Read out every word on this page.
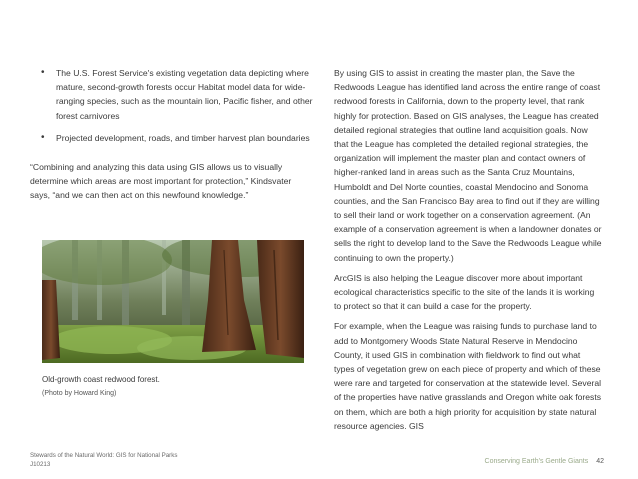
• The U.S. Forest Service's existing vegetation data depicting where mature, second-growth forests occur Habitat model data for wide-ranging species, such as the mountain lion, Pacific fisher, and other forest carnivores
• Projected development, roads, and timber harvest plan boundaries

“Combining and analyzing this data using GIS allows us to visually determine which areas are most important for protection,” Kindsvater says, “and we can then act on this newfound knowledge.”

Old-growth coast redwood forest.

(Photo by Howard King)

By using GIS to assist in creating the master plan, the Save the Redwoods League has identified land across the entire range of coast redwood forests in California, down to the property level, that rank highly for protection. Based on GIS analyses, the League has created detailed regional strategies that outline land acquisition goals. Now that the League has completed the detailed regional strategies, the organization will implement the master plan and contact owners of higher-ranked land in areas such as the Santa Cruz Mountains, Humboldt and Del Norte counties, coastal Mendocino and Sonoma counties, and the San Francisco Bay area to find out if they are willing to sell their land or work together on a conservation agreement. (An example of a conservation agreement is when a landowner donates or sells the right to develop land to the Save the Redwoods League while continuing to own the property.)

ArcGIS is also helping the League discover more about important ecological characteristics specific to the site of the lands it is working to protect so that it can build a case for the property.

For example, when the League was raising funds to purchase land to add to Montgomery Woods State Natural Reserve in Mendocino County, it used GIS in combination with fieldwork to find out what types of vegetation grew on each piece of property and which of these were rare and targeted for conservation at the statewide level. Several of the properties have native grasslands and Oregon white oak forests on them, which are both a high priority for acquisition by state natural resource agencies. GIS

Stewards of the Natural World: GIS for National Parks
J10213	Conserving Earth's Gentle Giants 42
